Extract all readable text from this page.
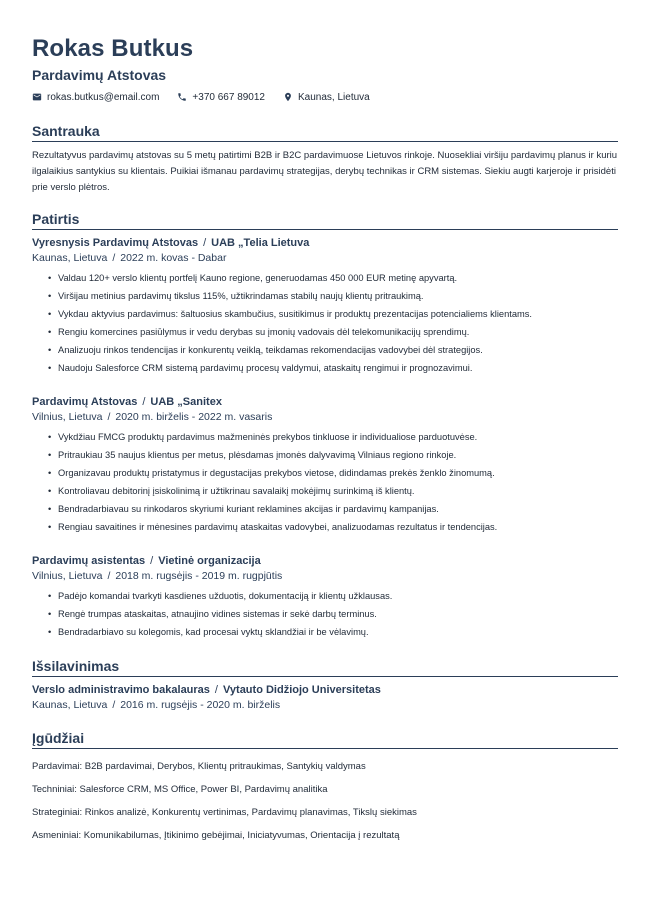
Rokas Butkus
Pardavimų Atstovas
rokas.butkus@email.com	+370 667 89012	Kaunas, Lietuva
Santrauka

Rezultatyvus pardavimų atstovas su 5 metų patirtimi B2B ir B2C pardavimuose Lietuvos rinkoje. Nuosekliai viršiju pardavimų planus ir kuriu ilgalaikius santykius su klientais. Puikiai išmanau pardavimų strategijas, derybų technikas ir CRM sistemas. Siekiu augti karjeroje ir prisidėti prie verslo plėtros.

Patirtis
Vyresnysis Pardavimų Atstovas / UAB „Telia Lietuva
Kaunas, Lietuva / 2022 m. kovas - Dabar
• Valdau 120+ verslo klientų portfelį Kauno regione, generuodamas 450 000 EUR metinę apyvartą.
• Viršijau metinius pardavimų tikslus 115%, užtikrindamas stabilų naujų klientų pritraukimą.
• Vykdau aktyvius pardavimus: šaltuosius skambučius, susitikimus ir produktų prezentacijas potencialiems klientams.
• Rengiu komercines pasiūlymus ir vedu derybas su įmonių vadovais dėl telekomunikacijų sprendimų.
• Analizuoju rinkos tendencijas ir konkurentų veiklą, teikdamas rekomendacijas vadovybei dėl strategijos.
• Naudoju Salesforce CRM sistemą pardavimų procesų valdymui, ataskaitų rengimui ir prognozavimui.
Pardavimų Atstovas / UAB „Sanitex
Vilnius, Lietuva / 2020 m. birželis - 2022 m. vasaris
• Vykdžiau FMCG produktų pardavimus mažmeninės prekybos tinkluose ir individualiose parduotuvėse.
• Pritraukiau 35 naujus klientus per metus, plėsdamas įmonės dalyvavimą Vilniaus regiono rinkoje.
• Organizavau produktų pristatymus ir degustacijas prekybos vietose, didindamas prekės ženklo žinomumą.
• Kontroliavau debitorinį įsiskolinimą ir užtikrinau savalaikį mokėjimų surinkimą iš klientų.
• Bendradarbiavau su rinkodaros skyriumi kuriant reklamines akcijas ir pardavimų kampanijas.
• Rengiau savaitines ir mėnesines pardavimų ataskaitas vadovybei, analizuodamas rezultatus ir tendencijas.
Pardavimų asistentas / Vietinė organizacija
Vilnius, Lietuva / 2018 m. rugsėjis - 2019 m. rugpjūtis
• Padėjo komandai tvarkyti kasdienes užduotis, dokumentaciją ir klientų užklausas.
• Rengė trumpas ataskaitas, atnaujino vidines sistemas ir sekė darbų terminus.
• Bendradarbiavo su kolegomis, kad procesai vyktų sklandžiai ir be vėlavimų.
Išsilavinimas
Verslo administravimo bakalauras / Vytauto Didžiojo Universitetas
Kaunas, Lietuva / 2016 m. rugsėjis - 2020 m. birželis
Įgūdžiai
Pardavimai: B2B pardavimai, Derybos, Klientų pritraukimas, Santykių valdymas
Techniniai: Salesforce CRM, MS Office, Power BI, Pardavimų analitika
Strateginiai: Rinkos analizė, Konkurentų vertinimas, Pardavimų planavimas, Tikslų siekimas
Asmeniniai: Komunikabilumas, Įtikinimo gebėjimai, Iniciatyvumas, Orientacija į rezultatą
